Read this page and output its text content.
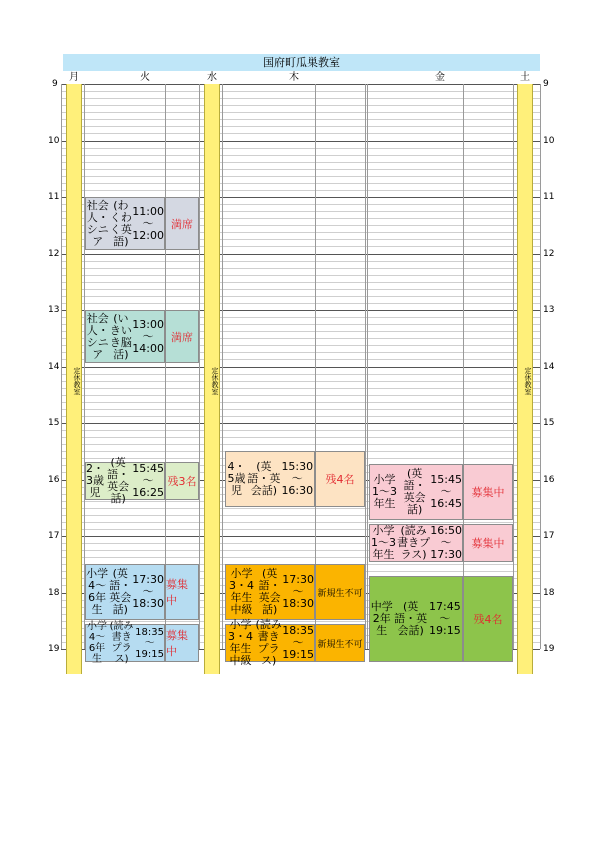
国府町瓜巣教室
月	火	水	木	金	土
9	9
10	10
11	11
12	12
13	13
14	14
15	15
16	16
17	17
18	18
19	19
定休教室	定休教室	定休教室
社会人・シニア
(わくわく英語)
11:00～12:00
満席
社会人・シニア
(いきいき脳活)
13:00～14:00
満席
2・3歳児
(英語・英会話)
15:45～16:25
残3名
小学4～6年生
(英語・英会話)
17:30～18:30
募集中
小学4～6年生
(読み書きプラス)
18:35～19:15
募集中
4・5歳児
(英語・英会話)
15:30～16:30
残4名
小学3・4年生中級
(英語・英会話)
17:30～18:30
新規生不可
小学3・4年生中級
(読み書きプラス)
18:35～19:15
新規生不可
小学1～3年生
(英語・英会話)
15:45～16:45
募集中
小学1～3年生
(読み書きプラス)
16:50～17:30
募集中
中学2年生
(英語・英会話)
17:45～19:15
残4名
